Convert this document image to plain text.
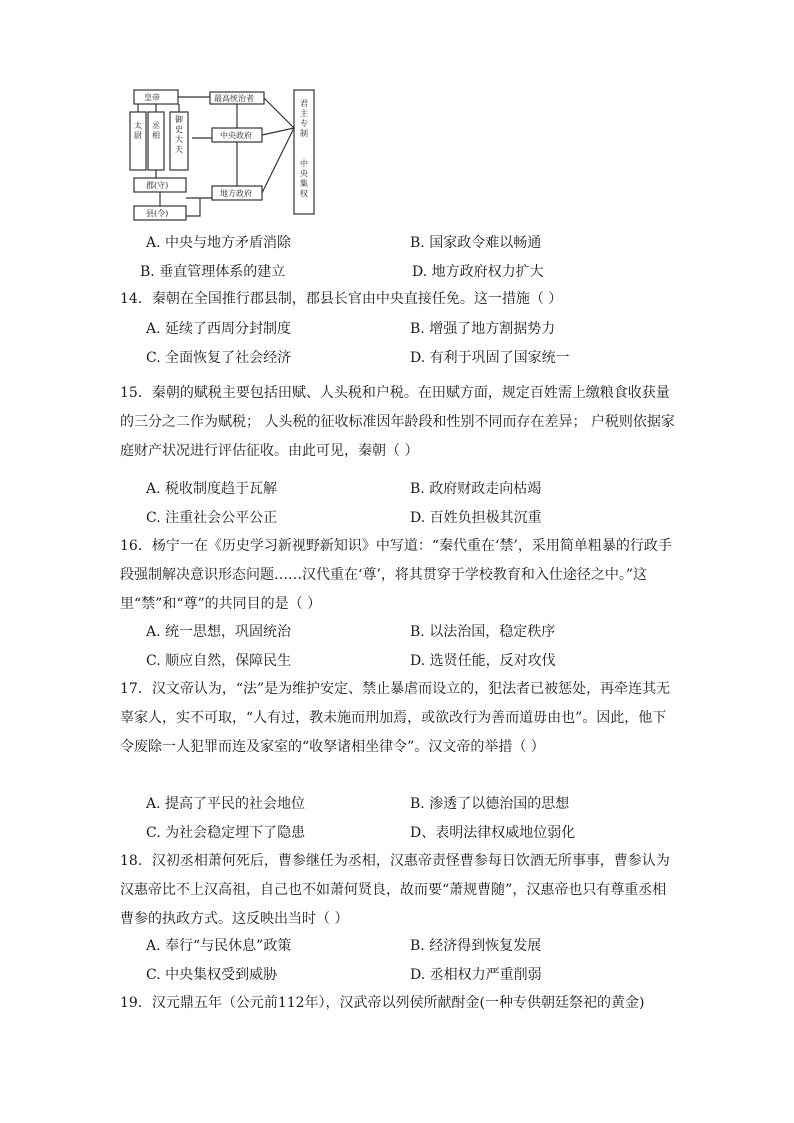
皇帝
太尉
丞相
御史大夫
郡(守)
县(令)
最高统治者
中央政府
地方政府
君主专制
中央集权
A. 中央与地方矛盾消除	B. 国家政令难以畅通
B. 垂直管理体系的建立	D. 地方政府权力扩大
14．秦朝在全国推行郡县制，郡县长官由中央直接任免。这一措施（ ）
A. 延续了西周分封制度	B. 增强了地方割据势力
C. 全面恢复了社会经济	D. 有利于巩固了国家统一
15．秦朝的赋税主要包括田赋、人头税和户税。在田赋方面，规定百姓需上缴粮食收获量的三分之二作为赋税； 人头税的征收标准因年龄段和性别不同而存在差异； 户税则依据家庭财产状况进行评估征收。由此可见，秦朝（ ）
A. 税收制度趋于瓦解	B. 政府财政走向枯竭
C. 注重社会公平公正	D. 百姓负担极其沉重
16．杨宁一在《历史学习新视野新知识》中写道：“秦代重在‘禁’，采用简单粗暴的行政手段强制解决意识形态问题……汉代重在‘尊’，将其贯穿于学校教育和入仕途径之中。”这里“禁”和“尊”的共同目的是（ ）
A. 统一思想，巩固统治	B. 以法治国，稳定秩序
C. 顺应自然，保障民生	D. 选贤任能，反对攻伐
17．汉文帝认为，“法”是为维护安定、禁止暴虐而设立的，犯法者已被惩处，再牵连其无辜家人，实不可取，“人有过，教未施而刑加焉，或欲改行为善而道毋由也”。因此，他下令废除一人犯罪而连及家室的“收孥诸相坐律令”。汉文帝的举措（ ）
A. 提高了平民的社会地位	B. 渗透了以德治国的思想
C. 为社会稳定埋下了隐患	D、表明法律权威地位弱化
18．汉初丞相萧何死后，曹参继任为丞相，汉惠帝责怪曹参每日饮酒无所事事，曹参认为汉惠帝比不上汉高祖，自己也不如萧何贤良，故而要“萧规曹随”，汉惠帝也只有尊重丞相曹参的执政方式。这反映出当时（ ）
A. 奉行“与民休息”政策	B. 经济得到恢复发展
C. 中央集权受到威胁	D. 丞相权力严重削弱
19．汉元鼎五年（公元前112年），汉武帝以列侯所献酎金(一种专供朝廷祭祀的黄金)
